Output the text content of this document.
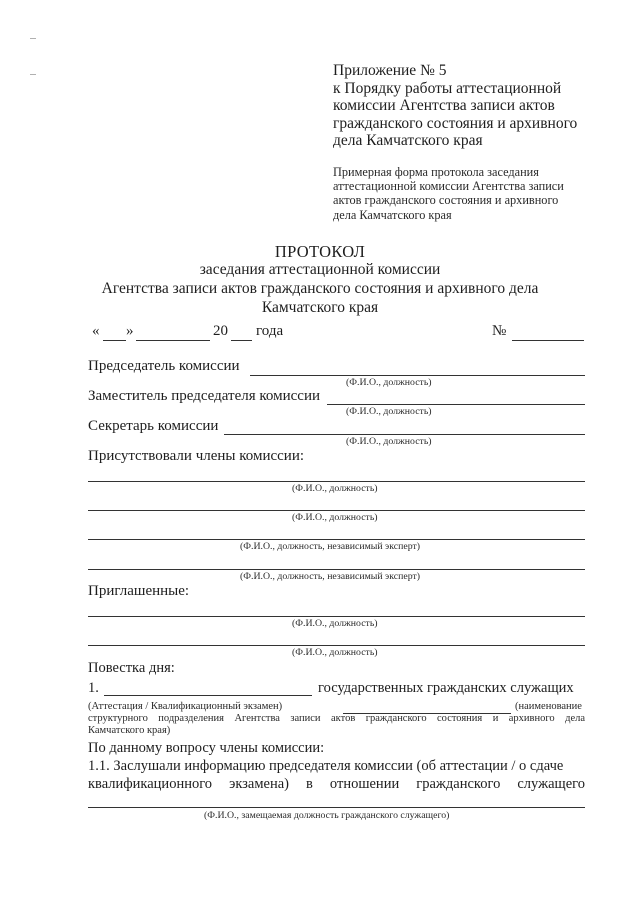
Приложение № 5
к Порядку работы аттестационной
комиссии Агентства записи актов
гражданского состояния и архивного
дела Камчатского края
Примерная форма протокола заседания
аттестационной комиссии Агентства записи
актов гражданского состояния и архивного
дела Камчатского края
ПРОТОКОЛ
заседания аттестационной комиссии
Агентства записи актов гражданского состояния и архивного дела
Камчатского края
« »	20 года	№
Председатель комиссии
(Ф.И.О., должность)
Заместитель председателя комиссии
(Ф.И.О., должность)
Секретарь комиссии
(Ф.И.О., должность)
Присутствовали члены комиссии:
(Ф.И.О., должность)
(Ф.И.О., должность)
(Ф.И.О., должность, независимый эксперт)
(Ф.И.О., должность, независимый эксперт)
Приглашенные:
(Ф.И.О., должность)
(Ф.И.О., должность)
Повестка дня:
1.	государственных гражданских служащих
(Аттестация / Квалификационный экзамен)	(наименование
структурного подразделения Агентства записи актов гражданского состояния и архивного дела
Камчатского края)
По данному вопросу члены комиссии:
1.1. Заслушали информацию председателя комиссии (об аттестации / о сдаче
квалификационного экзамена) в отношении гражданского служащего
(Ф.И.О., замещаемая должность гражданского служащего)
